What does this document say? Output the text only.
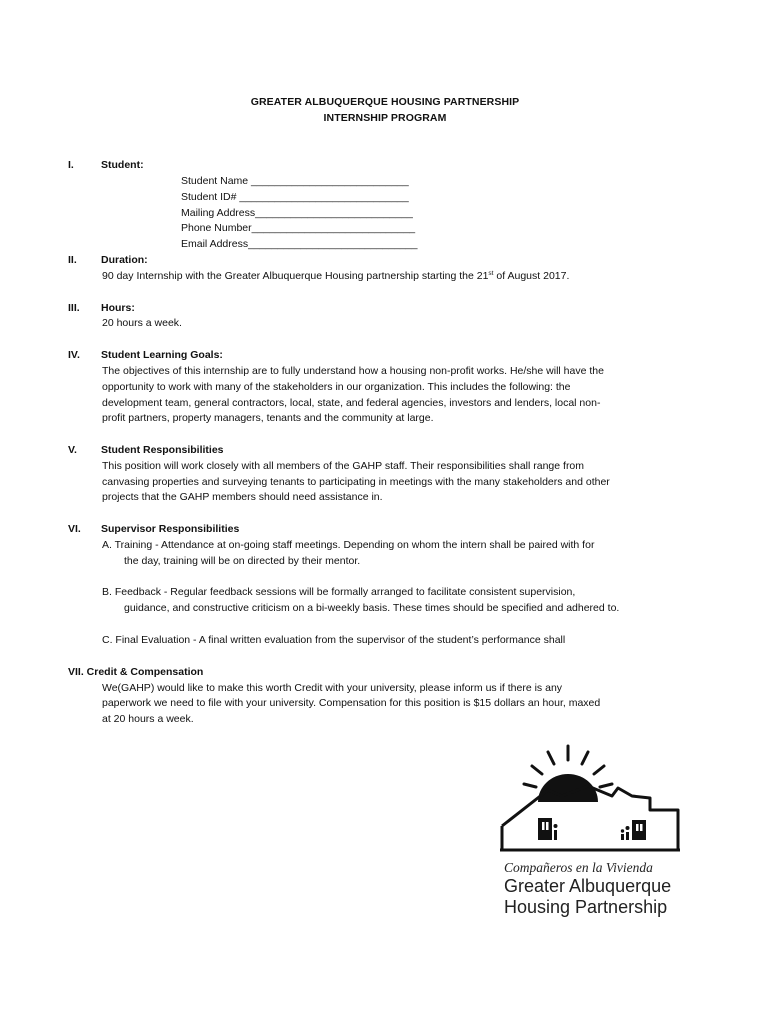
GREATER ALBUQUERQUE HOUSING PARTNERSHIP
INTERNSHIP PROGRAM
I.	Student:
Student Name ___________________________
Student ID# _____________________________
Mailing Address___________________________
Phone Number____________________________
Email Address_____________________________
II. Duration:
90 day Internship with the Greater Albuquerque Housing partnership starting the 21st of August 2017.
III. Hours:
20 hours a week.
IV. Student Learning Goals:
The objectives of this internship are to fully understand how a housing non-profit works. He/she will have the
opportunity to work with many of the stakeholders in our organization. This includes the following: the
development team, general contractors, local, state, and federal agencies, investors and lenders, local non-
profit partners, property managers, tenants and the community at large.
V. Student Responsibilities
This position will work closely with all members of the GAHP staff. Their responsibilities shall range from
canvasing properties and surveying tenants to participating in meetings with the many stakeholders and other
projects that the GAHP members should need assistance in.
VI. Supervisor Responsibilities
A. Training - Attendance at on-going staff meetings. Depending on whom the intern shall be paired with for
the day, training will be on directed by their mentor.
B. Feedback - Regular feedback sessions will be formally arranged to facilitate consistent supervision,
guidance, and constructive criticism on a bi-weekly basis. These times should be specified and adhered to.
C. Final Evaluation - A final written evaluation from the supervisor of the student’s performance shall
VII. Credit & Compensation
We(GAHP) would like to make this worth Credit with your university, please inform us if there is any
paperwork we need to file with your university. Compensation for this position is $15 dollars an hour, maxed
at 20 hours a week.
Compañeros en la Vivienda
Greater Albuquerque
Housing Partnership
